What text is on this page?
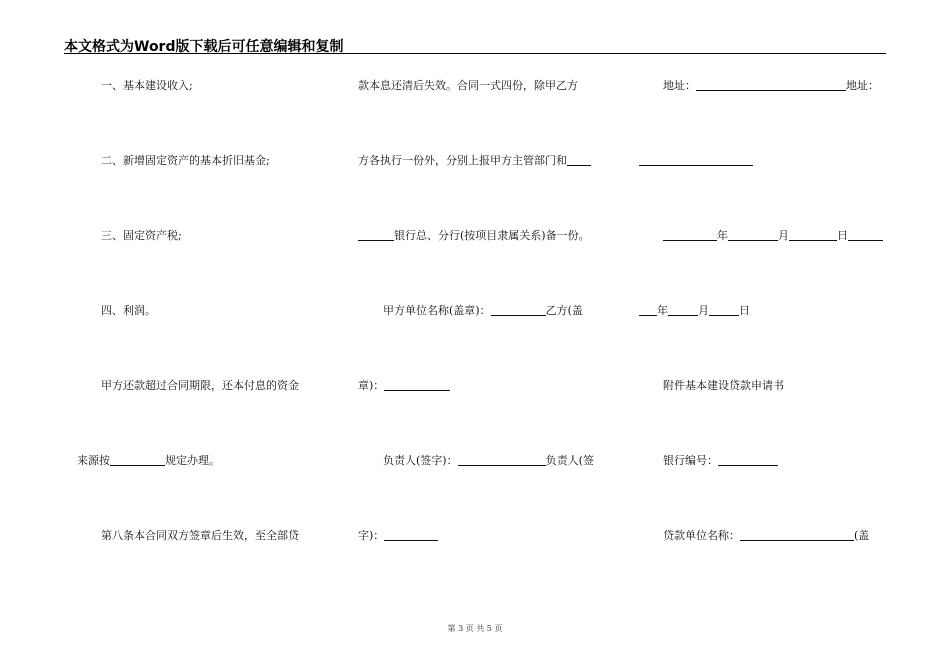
本文格式为Word版下载后可任意编辑和复制
一、基本建设收入;
二、新增固定资产的基本折旧基金;
三、固定资产税;
四、利润。
甲方还款超过合同期限，还本付息的资金
来源按	规定办理。
第八条本合同双方签章后生效，至全部贷
款本息还清后失效。合同一式四份，除甲乙方
方各执行一份外，分别上报甲方主管部门和
银行总、分行(按项目隶属关系)备一份。
甲方单位名称(盖章)：	乙方(盖
章)：
负责人(签字)：	负责人(签
字)：
地址：	地址：
年	月	日
年	月	日
附件基本建设贷款申请书
银行编号：
贷款单位名称：	(盖
第 3 页 共 5 页
